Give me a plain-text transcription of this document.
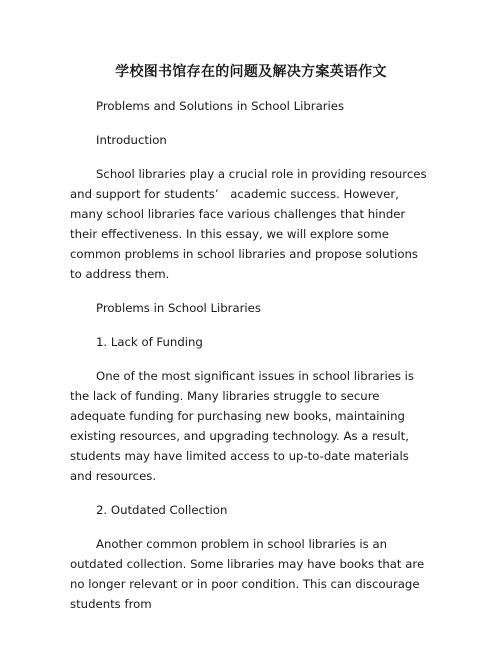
学校图书馆存在的问题及解决方案英语作文

Problems and Solutions in School Libraries

Introduction

School libraries play a crucial role in providing resources and support for students’　academic success. However, many school libraries face various challenges that hinder their effectiveness. In this essay, we will explore some common problems in school libraries and propose solutions to address them.

Problems in School Libraries

1. Lack of Funding

One of the most significant issues in school libraries is the lack of funding. Many libraries struggle to secure adequate funding for purchasing new books, maintaining existing resources, and upgrading technology. As a result, students may have limited access to up-to-date materials and resources.

2. Outdated Collection

Another common problem in school libraries is an outdated collection. Some libraries may have books that are no longer relevant or in poor condition. This can discourage students from
